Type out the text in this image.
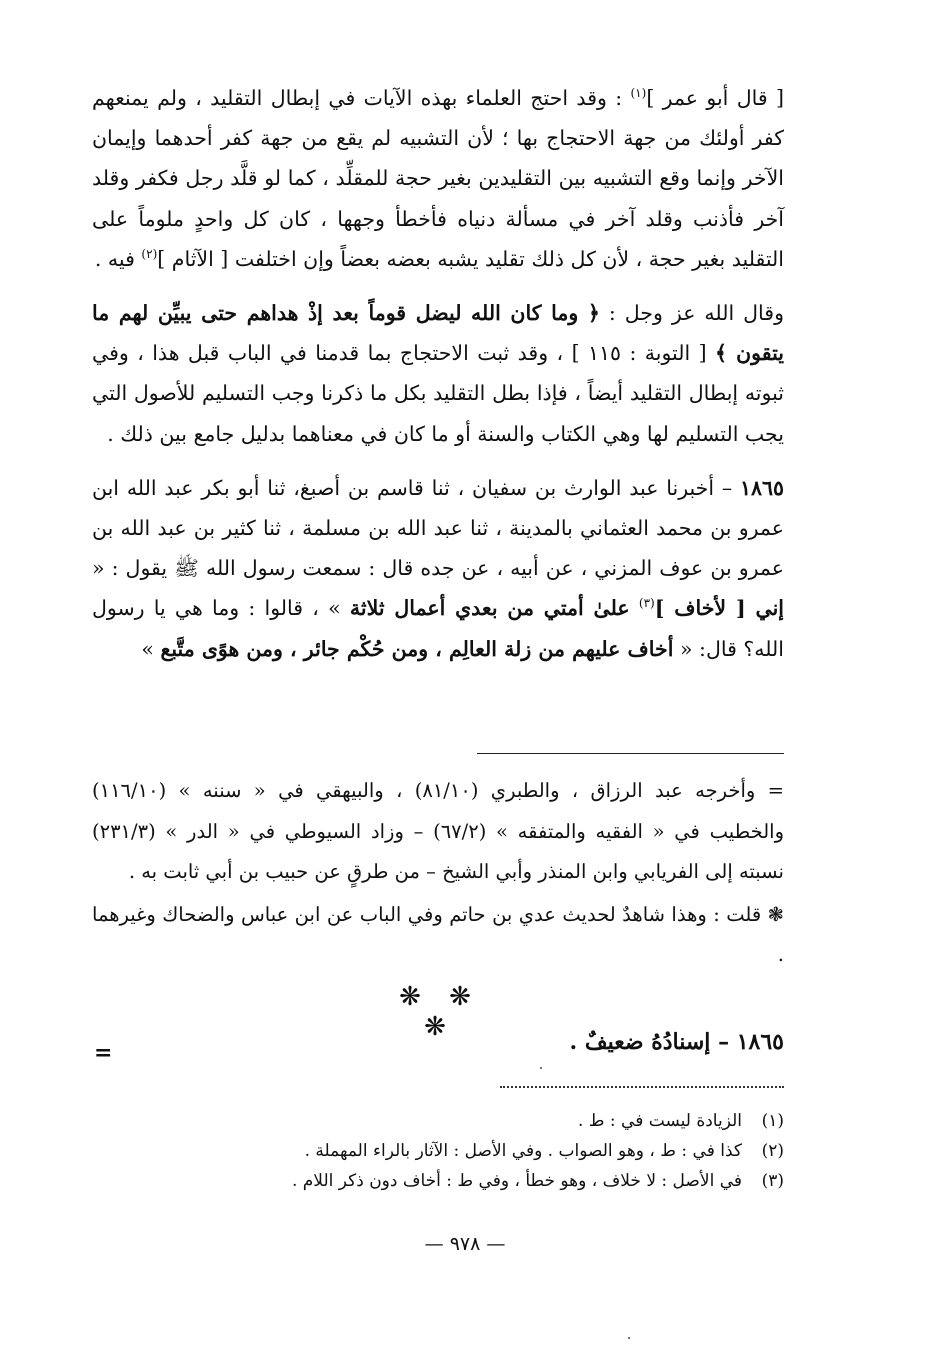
[ قال أبو عمر ]$^{(١)}$ : وقد احتج العلماء بهذه الآيات في إبطال التقليد ، ولم يمنعهم كفر أولئك من جهة الاحتجاج بها ؛ لأن التشبيه لم يقع من جهة كفر أحدهما وإيمان الآخر وإنما وقع التشبيه بين التقليدين بغير حجة للمقلِّد ، كما لو قلَّد رجل فكفر وقلد آخر فأذنب وقلد آخر في مسألة دنياه فأخطأ وجهها ، كان كل واحدٍ ملوماً على التقليد بغير حجة ، لأن كل ذلك تقليد يشبه بعضه بعضاً وإن اختلفت [ الآثام ]$^{(٢)}$ فيه .

وقال الله عز وجل : ﴿ وما كان الله ليضل قوماً بعد إذْ هداهم حتى يبيِّن لهم ما يتقون ﴾ [ التوبة : ١١٥ ] ، وقد ثبت الاحتجاج بما قدمنا في الباب قبل هذا ، وفي ثبوته إبطال التقليد أيضاً ، فإذا بطل التقليد بكل ما ذكرنا وجب التسليم للأصول التي يجب التسليم لها وهي الكتاب والسنة أو ما كان في معناهما بدليل جامع بين ذلك .

١٨٦٥ – أخبرنا عبد الوارث بن سفيان ، ثنا قاسم بن أصبغ، ثنا أبو بكر عبد الله ابن عمرو بن محمد العثماني بالمدينة ، ثنا عبد الله بن مسلمة ، ثنا كثير بن عبد الله بن عمرو بن عوف المزني ، عن أبيه ، عن جده قال : سمعت رسول الله ﷺ يقول : « إني [ لأخاف ]$^{(٣)}$ علىٰ أمتي من بعدي أعمال ثلاثة » ، قالوا : وما هي يا رسول الله؟ قال: « أخاف عليهم من زلة العالِم ، ومن حُكْم جائر ، ومن هوًى متَّبع »

= وأخرجه عبد الرزاق ، والطبري (٨١/١٠) ، والبيهقي في « سننه » (١١٦/١٠) والخطيب في « الفقيه والمتفقه » (٦٧/٢) – وزاد السيوطي في « الدر » (٢٣١/٣) نسبته إلى الفريابي وابن المنذر وأبي الشيخ – من طرقٍ عن حبيب بن أبي ثابت به .

❃ قلت : وهذا شاهدٌ لحديث عدي بن حاتم وفي الباب عن ابن عباس والضحاك وغيرهما .

❋ ❋ ❋	١٨٦٥ – إسنادُهُ ضعيفٌ .
=
(١)
الزيادة ليست في : ط .
(٢)
كذا في : ط ، وهو الصواب . وفي الأصل : الآثار بالراء المهملة .
(٣)
في الأصل : لا خلاف ، وهو خطأ ، وفي ط : أخاف دون ذكر اللام .
— ٩٧٨ —
